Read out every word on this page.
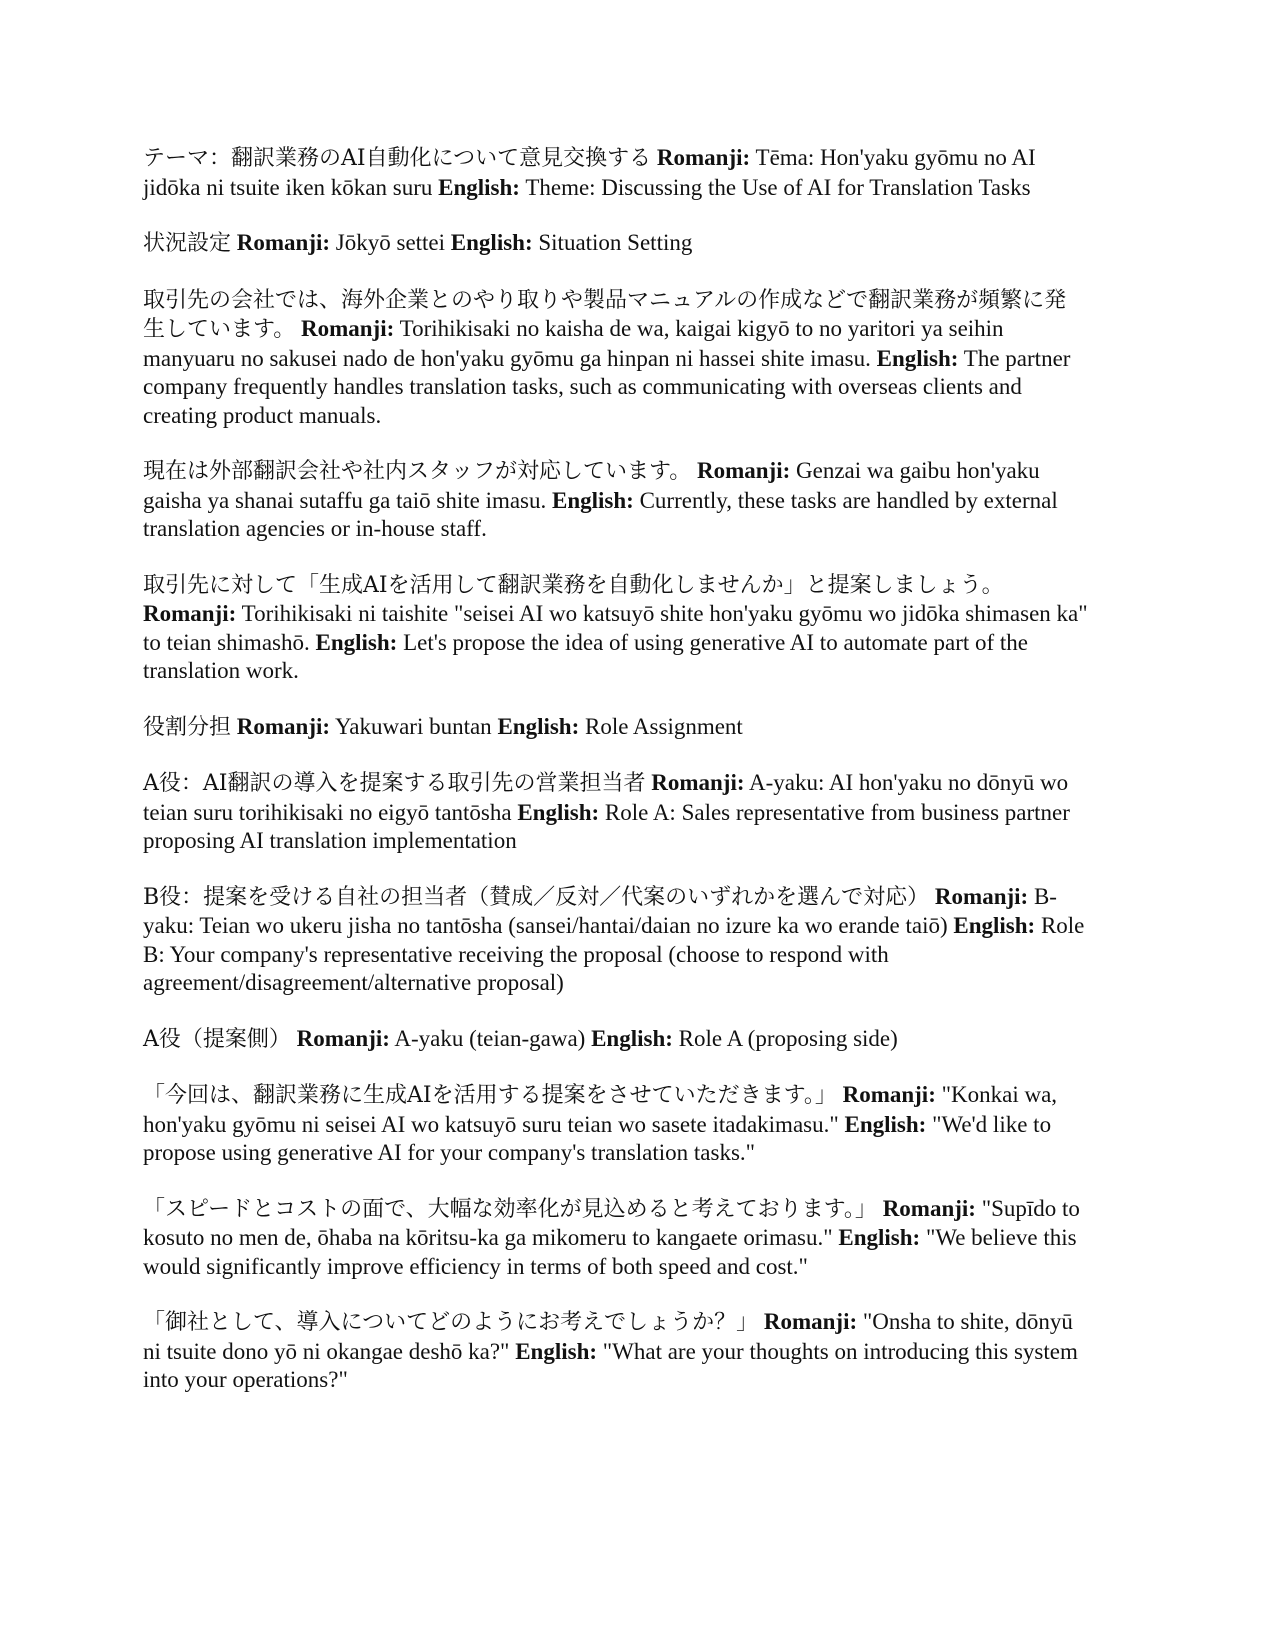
テーマ：翻訳業務のAI自動化について意見交換する Romanji: Tēma: Hon'yaku gyōmu no AI jidōka ni tsuite iken kōkan suru English: Theme: Discussing the Use of AI for Translation Tasks

状況設定 Romanji: Jōkyō settei English: Situation Setting

取引先の会社では、海外企業とのやり取りや製品マニュアルの作成などで翻訳業務が頻繁に発生しています。 Romanji: Torihikisaki no kaisha de wa, kaigai kigyō to no yaritori ya seihin manyuaru no sakusei nado de hon'yaku gyōmu ga hinpan ni hassei shite imasu. English: The partner company frequently handles translation tasks, such as communicating with overseas clients and creating product manuals.

現在は外部翻訳会社や社内スタッフが対応しています。 Romanji: Genzai wa gaibu hon'yaku gaisha ya shanai sutaffu ga taiō shite imasu. English: Currently, these tasks are handled by external translation agencies or in-house staff.

取引先に対して「生成AIを活用して翻訳業務を自動化しませんか」と提案しましょう。 Romanji: Torihikisaki ni taishite "seisei AI wo katsuyō shite hon'yaku gyōmu wo jidōka shimasen ka" to teian shimashō. English: Let's propose the idea of using generative AI to automate part of the translation work.

役割分担 Romanji: Yakuwari buntan English: Role Assignment

A役：AI翻訳の導入を提案する取引先の営業担当者 Romanji: A-yaku: AI hon'yaku no dōnyū wo teian suru torihikisaki no eigyō tantōsha English: Role A: Sales representative from business partner proposing AI translation implementation

B役：提案を受ける自社の担当者（賛成／反対／代案のいずれかを選んで対応） Romanji: B-yaku: Teian wo ukeru jisha no tantōsha (sansei/hantai/daian no izure ka wo erande taiō) English: Role B: Your company's representative receiving the proposal (choose to respond with agreement/disagreement/alternative proposal)

A役（提案側） Romanji: A-yaku (teian-gawa) English: Role A (proposing side)

「今回は、翻訳業務に生成AIを活用する提案をさせていただきます。」 Romanji: "Konkai wa, hon'yaku gyōmu ni seisei AI wo katsuyō suru teian wo sasete itadakimasu." English: "We'd like to propose using generative AI for your company's translation tasks."

「スピードとコストの面で、大幅な効率化が見込めると考えております。」 Romanji: "Supīdo to kosuto no men de, ōhaba na kōritsu-ka ga mikomeru to kangaete orimasu." English: "We believe this would significantly improve efficiency in terms of both speed and cost."

「御社として、導入についてどのようにお考えでしょうか？」 Romanji: "Onsha to shite, dōnyū ni tsuite dono yō ni okangae deshō ka?" English: "What are your thoughts on introducing this system into your operations?"
